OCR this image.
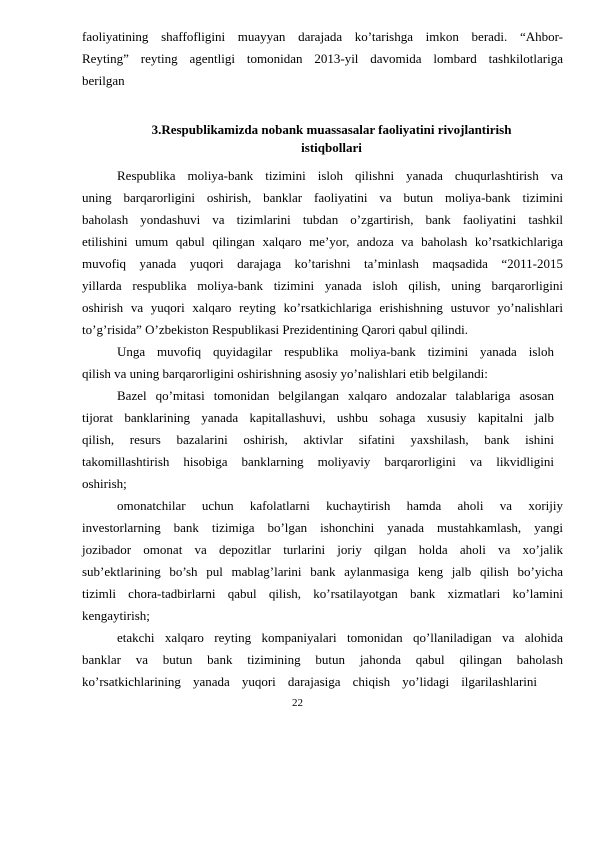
faoliyatining shaffofligini muayyan darajada ko’tarishga imkon beradi. “Ahbor-
Reyting” reyting agentligi tomonidan 2013-yil davomida lombard tashkilotlariga
berilgan
3.Respublikamizda nobank muassasalar faoliyatini rivojlantirish
istiqbollari
Respublika moliya-bank tizimini isloh qilishni yanada chuqurlashtirish va
uning barqarorligini oshirish, banklar faoliyatini va butun moliya-bank tizimini
baholash yondashuvi va tizimlarini tubdan o’zgartirish, bank faoliyatini tashkil
etilishini umum qabul qilingan xalqaro me’yor, andoza va baholash ko’rsatkichlariga
muvofiq yanada yuqori darajaga ko’tarishni ta’minlash maqsadida “2011-2015
yillarda respublika moliya-bank tizimini yanada isloh qilish, uning barqarorligini
oshirish va yuqori xalqaro reyting ko’rsatkichlariga erishishning ustuvor yo’nalishlari
to’g’risida” O’zbekiston Respublikasi Prezidentining Qarori qabul qilindi.
Unga muvofiq quyidagilar respublika moliya-bank tizimini yanada isloh
qilish va uning barqarorligini oshirishning asosiy yo’nalishlari etib belgilandi:
Bazel qo’mitasi tomonidan belgilangan xalqaro andozalar talablariga asosan
tijorat banklarining yanada kapitallashuvi, ushbu sohaga xususiy kapitalni jalb
qilish, resurs bazalarini oshirish, aktivlar sifatini yaxshilash, bank ishini
takomillashtirish hisobiga banklarning moliyaviy barqarorligini va likvidligini
oshirish;
omonatchilar uchun kafolatlarni kuchaytirish hamda aholi va xorijiy
investorlarning bank tizimiga bo’lgan ishonchini yanada mustahkamlash, yangi
jozibador omonat va depozitlar turlarini joriy qilgan holda aholi va xo’jalik
sub’ektlarining bo’sh pul mablag’larini bank aylanmasiga keng jalb qilish bo’yicha
tizimli chora-tadbirlarni qabul qilish, ko’rsatilayotgan bank xizmatlari ko’lamini
kengaytirish;
etakchi xalqaro reyting kompaniyalari tomonidan qo’llaniladigan va alohida
banklar va butun bank tizimining butun jahonda qabul qilingan baholash
ko’rsatkichlarining yanada yuqori darajasiga chiqish yo’lidagi ilgarilashlarini
22
